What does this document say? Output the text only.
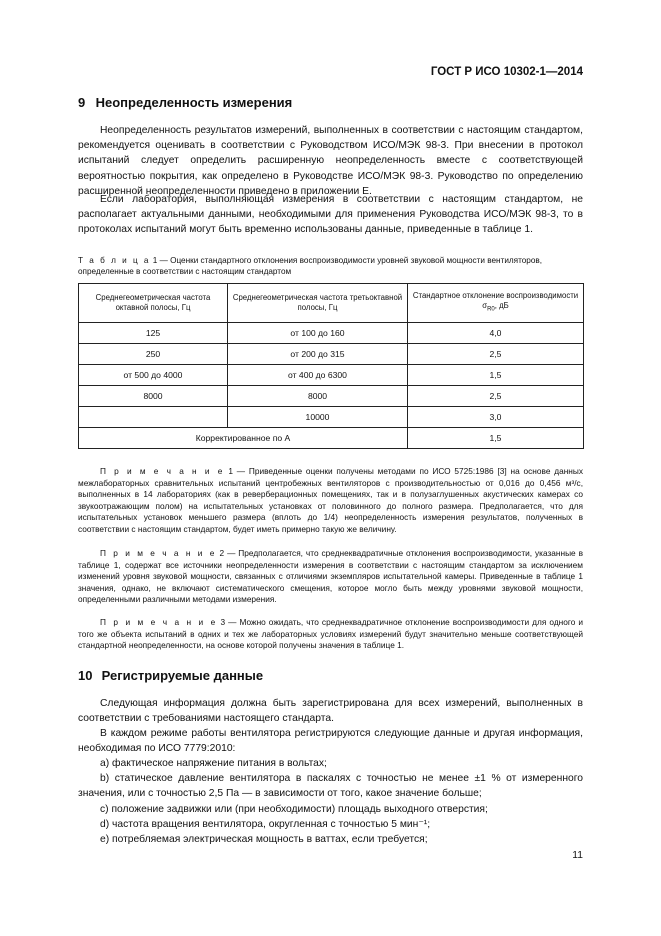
ГОСТ Р ИСО 10302-1—2014
9 Неопределенность измерения

Неопределенность результатов измерений, выполненных в соответствии с настоящим стандартом, рекомендуется оценивать в соответствии с Руководством ИСО/МЭК 98-3. При внесении в протокол испытаний следует определить расширенную неопределенность вместе с соответствующей вероятностью покрытия, как определено в Руководстве ИСО/МЭК 98-3. Руководство по определению расширенной неопределенности приведено в приложении Е.

Если лаборатория, выполняющая измерения в соответствии с настоящим стандартом, не располагает актуальными данными, необходимыми для применения Руководства ИСО/МЭК 98-3, то в протоколах испытаний могут быть временно использованы данные, приведенные в таблице 1.

Т а б л и ц а 1 — Оценки стандартного отклонения воспроизводимости уровней звуковой мощности вентиляторов, определенные в соответствии с настоящим стандартом
Среднегеометрическая частота октавной полосы, Гц	Среднегеометрическая частота третьоктавной полосы, Гц	Стандартное отклонение воспроизводимости $\sigma_{R0}$, дБ
125	от 100 до 160	4,0
250	от 200 до 315	2,5
от 500 до 4000	от 400 до 6300	1,5
8000	8000	2,5
	10000	3,0
Корректированное по А		1,5

П р и м е ч а н и е 1 — Приведенные оценки получены методами по ИСО 5725:1986 [3] на основе данных межлабораторных сравнительных испытаний центробежных вентиляторов с производительностью от 0,016 до 0,456 м³/с, выполненных в 14 лабораториях (как в реверберационных помещениях, так и в полузаглушенных акустических камерах со звукоотражающим полом) на испытательных установках от половинного до полного размера. Предполагается, что для испытательных установок меньшего размера (вплоть до 1/4) неопределенность измерения результатов, полученных в соответствии с настоящим стандартом, будет иметь примерно такую же величину.

П р и м е ч а н и е 2 — Предполагается, что среднеквадратичные отклонения воспроизводимости, указанные в таблице 1, содержат все источники неопределенности измерения в соответствии с настоящим стандартом за исключением изменений уровня звуковой мощности, связанных с отличиями экземпляров испытательной камеры. Приведенные в таблице 1 значения, однако, не включают систематического смещения, которое могло быть между уровнями звуковой мощности, определенными различными методами измерения.

П р и м е ч а н и е 3 — Можно ожидать, что среднеквадратичное отклонение воспроизводимости для одного и того же объекта испытаний в одних и тех же лабораторных условиях измерений будут значительно меньше соответствующей стандартной неопределенности, на основе которой получены значения в таблице 1.

10 Регистрируемые данные

Следующая информация должна быть зарегистрирована для всех измерений, выполненных в соответствии с требованиями настоящего стандарта.

В каждом режиме работы вентилятора регистрируются следующие данные и другая информация, необходимая по ИСО 7779:2010:

a) фактическое напряжение питания в вольтах;
b) статическое давление вентилятора в паскалях с точностью не менее ±1 % от измеренного значения, или с точностью 2,5 Па — в зависимости от того, какое значение больше;
c) положение задвижки или (при необходимости) площадь выходного отверстия;
d) частота вращения вентилятора, округленная с точностью 5 мин⁻¹;
e) потребляемая электрическая мощность в ваттах, если требуется;
11
